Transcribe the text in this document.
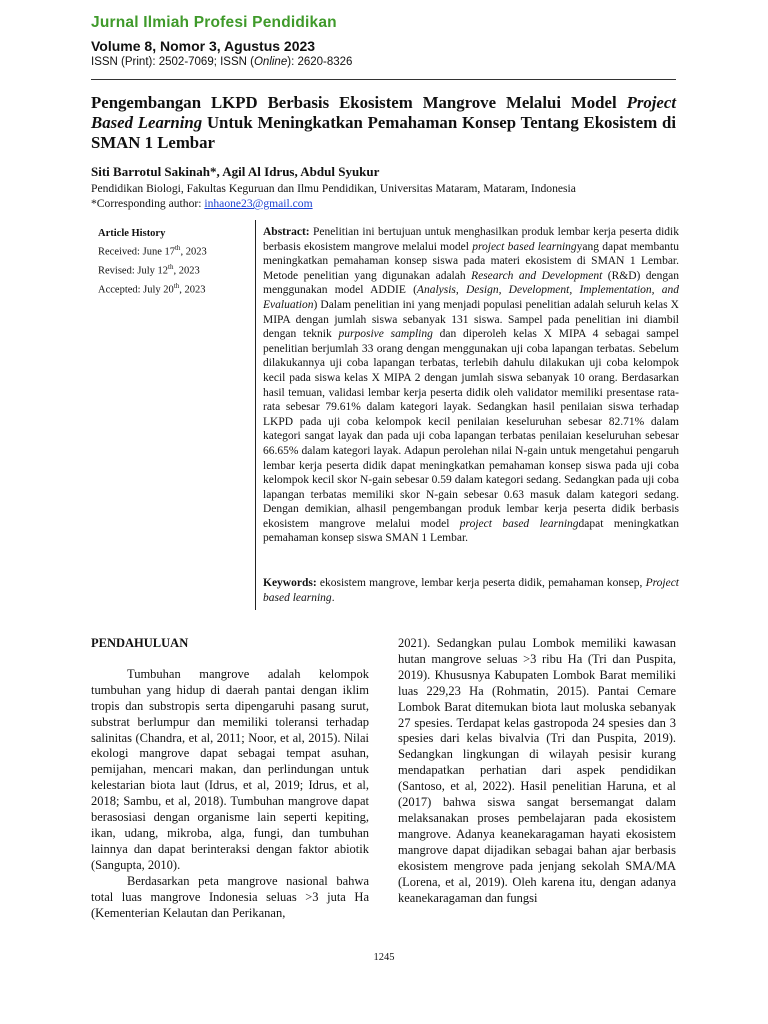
Jurnal Ilmiah Profesi Pendidikan
Volume 8, Nomor 3, Agustus 2023
ISSN (Print): 2502-7069; ISSN (Online): 2620-8326
Pengembangan LKPD Berbasis Ekosistem Mangrove Melalui Model Project Based Learning Untuk Meningkatkan Pemahaman Konsep Tentang Ekosistem di SMAN 1 Lembar
Siti Barrotul Sakinah*, Agil Al Idrus, Abdul Syukur
Pendidikan Biologi, Fakultas Keguruan dan Ilmu Pendidikan, Universitas Mataram, Mataram, Indonesia
*Corresponding author: inhaone23@gmail.com
Article History
Received: June 17th, 2023
Revised: July 12th, 2023
Accepted: July 20th, 2023

Abstract: Penelitian ini bertujuan untuk menghasilkan produk lembar kerja peserta didik berbasis ekosistem mangrove melalui model project based learningyang dapat membantu meningkatkan pemahaman konsep siswa pada materi ekosistem di SMAN 1 Lembar. Metode penelitian yang digunakan adalah Research and Development (R&D) dengan menggunakan model ADDIE (Analysis, Design, Development, Implementation, and Evaluation) Dalam penelitian ini yang menjadi populasi penelitian adalah seluruh kelas X MIPA dengan jumlah siswa sebanyak 131 siswa. Sampel pada penelitian ini diambil dengan teknik purposive sampling dan diperoleh kelas X MIPA 4 sebagai sampel penelitian berjumlah 33 orang dengan menggunakan uji coba lapangan terbatas. Sebelum dilakukannya uji coba lapangan terbatas, terlebih dahulu dilakukan uji coba kelompok kecil pada siswa kelas X MIPA 2 dengan jumlah siswa sebanyak 10 orang. Berdasarkan hasil temuan, validasi lembar kerja peserta didik oleh validator memiliki presentase rata-rata sebesar 79.61% dalam kategori layak. Sedangkan hasil penilaian siswa terhadap LKPD pada uji coba kelompok kecil penilaian keseluruhan sebesar 82.71% dalam kategori sangat layak dan pada uji coba lapangan terbatas penilaian keseluruhan sebesar 66.65% dalam kategori layak. Adapun perolehan nilai N-gain untuk mengetahui pengaruh lembar kerja peserta didik dapat meningkatkan pemahaman konsep siswa pada uji coba kelompok kecil skor N-gain sebesar 0.59 dalam kategori sedang. Sedangkan pada uji coba lapangan terbatas memiliki skor N-gain sebesar 0.63 masuk dalam kategori sedang. Dengan demikian, alhasil pengembangan produk lembar kerja peserta didik berbasis ekosistem mangrove melalui model project based learningdapat meningkatkan pemahaman konsep siswa SMAN 1 Lembar.

Keywords: ekosistem mangrove, lembar kerja peserta didik, pemahaman konsep, Project based learning.

PENDAHULUAN

Tumbuhan mangrove adalah kelompok tumbuhan yang hidup di daerah pantai dengan iklim tropis dan substropis serta dipengaruhi pasang surut, substrat berlumpur dan memiliki toleransi terhadap salinitas (Chandra, et al, 2011; Noor, et al, 2015). Nilai ekologi mangrove dapat sebagai tempat asuhan, pemijahan, mencari makan, dan perlindungan untuk kelestarian biota laut (Idrus, et al, 2019; Idrus, et al, 2018; Sambu, et al, 2018). Tumbuhan mangrove dapat berasosiasi dengan organisme lain seperti kepiting, ikan, udang, mikroba, alga, fungi, dan tumbuhan lainnya dan dapat berinteraksi dengan faktor abiotik (Sangupta, 2010).

Berdasarkan peta mangrove nasional bahwa total luas mangrove Indonesia seluas >3 juta Ha (Kementerian Kelautan dan Perikanan,

2021). Sedangkan pulau Lombok memiliki kawasan hutan mangrove seluas >3 ribu Ha (Tri dan Puspita, 2019). Khususnya Kabupaten Lombok Barat memiliki luas 229,23 Ha (Rohmatin, 2015). Pantai Cemare Lombok Barat ditemukan biota laut moluska sebanyak 27 spesies. Terdapat kelas gastropoda 24 spesies dan 3 spesies dari kelas bivalvia (Tri dan Puspita, 2019). Sedangkan lingkungan di wilayah pesisir kurang mendapatkan perhatian dari aspek pendidikan (Santoso, et al, 2022). Hasil penelitian Haruna, et al (2017) bahwa siswa sangat bersemangat dalam melaksanakan proses pembelajaran pada ekosistem mangrove. Adanya keanekaragaman hayati ekosistem mangrove dapat dijadikan sebagai bahan ajar berbasis ekosistem mengrove pada jenjang sekolah SMA/MA (Lorena, et al, 2019). Oleh karena itu, dengan adanya keanekaragaman dan fungsi

1245
